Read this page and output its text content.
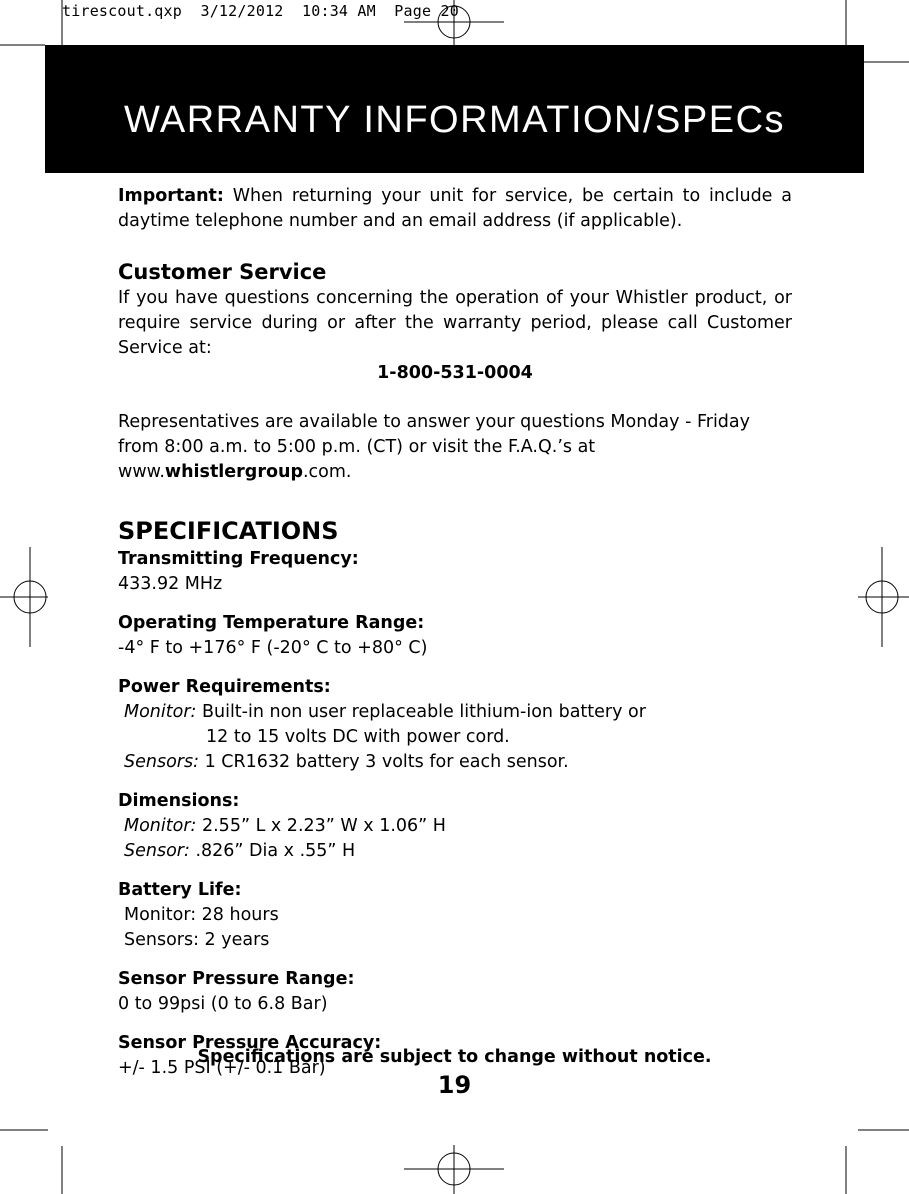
tirescout.qxp  3/12/2012  10:34 AM  Page 20
WARRANTY INFORMATION/SPECs

Important: When returning your unit for service, be certain to include a daytime telephone number and an email address (if applicable).

Customer Service

If you have questions concerning the operation of your Whistler product, or require service during or after the warranty period, please call Customer Service at:

1-800-531-0004

Representatives are available to answer your questions Monday - Friday from 8:00 a.m. to 5:00 p.m. (CT) or visit the F.A.Q.’s at www.whistlergroup.com.

SPECIFICATIONS

Transmitting Frequency:

433.92 MHz

Operating Temperature Range:

-4° F to +176° F (-20° C to +80° C)

Power Requirements:

Monitor: Built-in non user replaceable lithium-ion battery or

12 to 15 volts DC with power cord.

Sensors: 1 CR1632 battery 3 volts for each sensor.

Dimensions:

Monitor: 2.55” L x 2.23” W x 1.06” H

Sensor: .826” Dia x .55” H

Battery Life:

Monitor: 28 hours

Sensors: 2 years

Sensor Pressure Range:

0 to 99psi (0 to 6.8 Bar)

Sensor Pressure Accuracy:

+/- 1.5 PSI (+/- 0.1 Bar)

Specifications are subject to change without notice.
19
